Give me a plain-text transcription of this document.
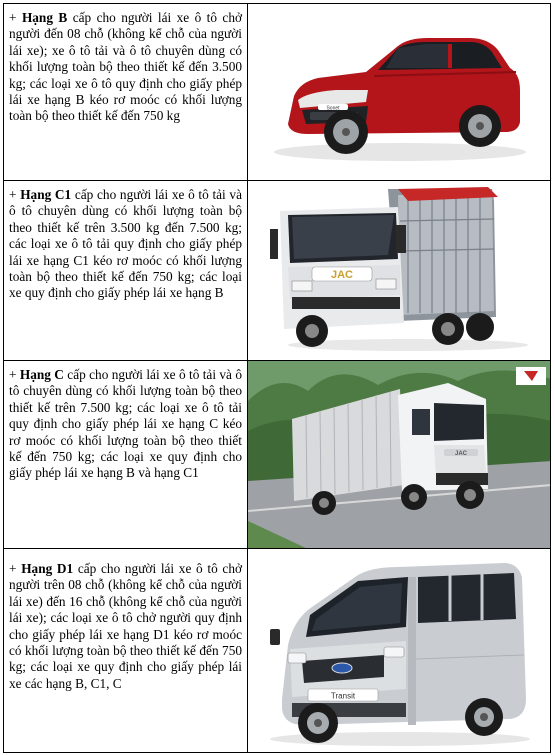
+ Hạng B cấp cho người lái xe ô tô chở người đến 08 chỗ (không kể chỗ của người lái xe); xe ô tô tải và ô tô chuyên dùng có khối lượng toàn bộ theo thiết kế đến 3.500 kg; các loại xe ô tô quy định cho giấy phép lái xe hạng B kéo rơ moóc có khối lượng toàn bộ theo thiết kế đến 750 kg	Sonet

+ Hạng C1 cấp cho người lái xe ô tô tải và ô tô chuyên dùng có khối lượng toàn bộ theo thiết kế trên 3.500 kg đến 7.500 kg; các loại xe ô tô tải quy định cho giấy phép lái xe hạng C1 kéo rơ moóc có khối lượng toàn bộ theo thiết kế đến 750 kg; các loại xe quy định cho giấy phép lái xe hạng B	JAC

+ Hạng C cấp cho người lái xe ô tô tải và ô tô chuyên dùng có khối lượng toàn bộ theo thiết kế trên 7.500 kg; các loại xe ô tô tải quy định cho giấy phép lái xe hạng C kéo rơ moóc có khối lượng toàn bộ theo thiết kế đến 750 kg; các loại xe quy định cho giấy phép lái xe hạng B và hạng C1	JAC

+ Hạng D1 cấp cho người lái xe ô tô chở người trên 08 chỗ (không kể chỗ của người lái xe) đến 16 chỗ (không kể chỗ của người lái xe); các loại xe ô tô chở người quy định cho giấy phép lái xe hạng D1 kéo rơ moóc có khối lượng toàn bộ theo thiết kế đến 750 kg; các loại xe quy định cho giấy phép lái xe các hạng B, C1, C	Transit
